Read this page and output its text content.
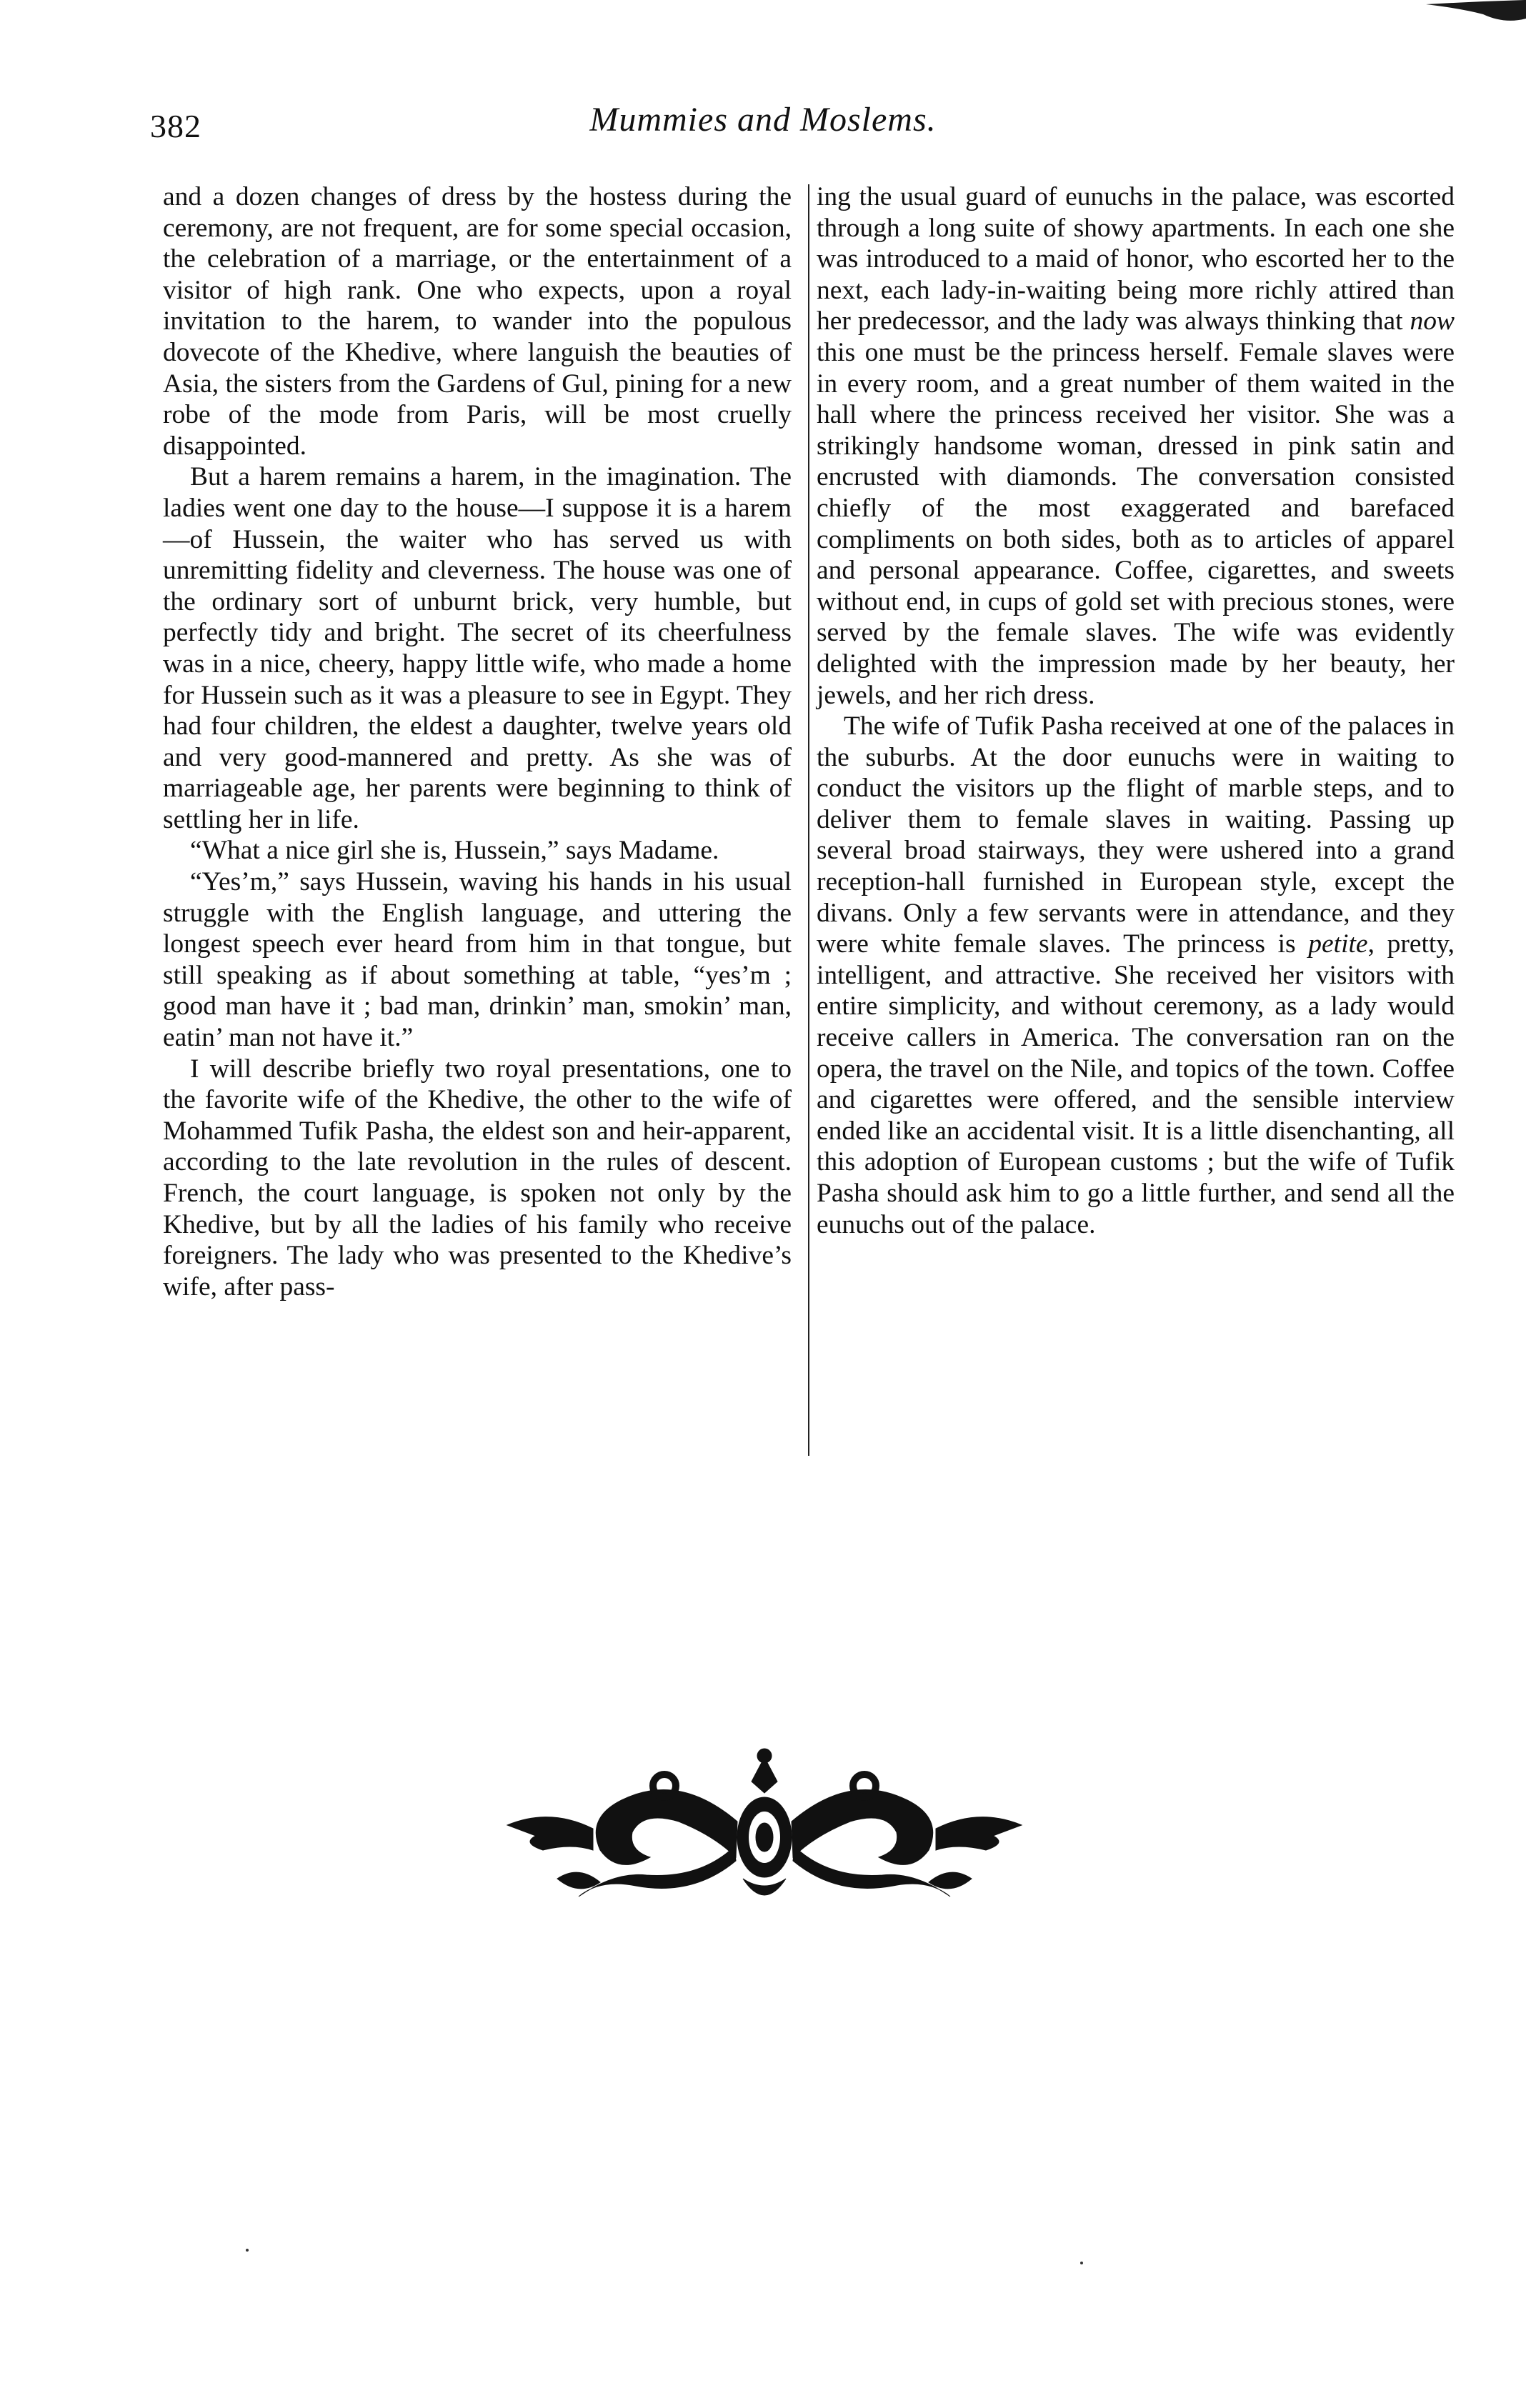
382	Mummies and Moslems.

and a dozen changes of dress by the hostess during the ceremony, are not frequent, are for some special occasion, the celebration of a marriage, or the entertainment of a visitor of high rank. One who expects, upon a royal invitation to the harem, to wander into the populous dovecote of the Khedive, where languish the beauties of Asia, the sisters from the Gardens of Gul, pining for a new robe of the mode from Paris, will be most cruelly disappointed.

But a harem remains a harem, in the imagination. The ladies went one day to the house—I suppose it is a harem—of Hussein, the waiter who has served us with unremitting fidelity and cleverness. The house was one of the ordinary sort of unburnt brick, very humble, but perfectly tidy and bright. The secret of its cheerfulness was in a nice, cheery, happy little wife, who made a home for Hussein such as it was a pleasure to see in Egypt. They had four children, the eldest a daughter, twelve years old and very good-mannered and pretty. As she was of marriageable age, her parents were beginning to think of settling her in life.

“What a nice girl she is, Hussein,” says Madame.

“Yes’m,” says Hussein, waving his hands in his usual struggle with the English language, and uttering the longest speech ever heard from him in that tongue, but still speaking as if about something at table, “yes’m ; good man have it ; bad man, drinkin’ man, smokin’ man, eatin’ man not have it.”

I will describe briefly two royal presentations, one to the favorite wife of the Khedive, the other to the wife of Mohammed Tufik Pasha, the eldest son and heir-apparent, according to the late revolution in the rules of descent. French, the court language, is spoken not only by the Khedive, but by all the ladies of his family who receive foreigners. The lady who was presented to the Khedive’s wife, after pass-

ing the usual guard of eunuchs in the palace, was escorted through a long suite of showy apartments. In each one she was introduced to a maid of honor, who escorted her to the next, each lady-in-waiting being more richly attired than her predecessor, and the lady was always thinking that now this one must be the princess herself. Female slaves were in every room, and a great number of them waited in the hall where the princess received her visitor. She was a strikingly handsome woman, dressed in pink satin and encrusted with diamonds. The conversation consisted chiefly of the most exaggerated and barefaced compliments on both sides, both as to articles of apparel and personal appearance. Coffee, cigarettes, and sweets without end, in cups of gold set with precious stones, were served by the female slaves. The wife was evidently delighted with the impression made by her beauty, her jewels, and her rich dress.

The wife of Tufik Pasha received at one of the palaces in the suburbs. At the door eunuchs were in waiting to conduct the visitors up the flight of marble steps, and to deliver them to female slaves in waiting. Passing up several broad stairways, they were ushered into a grand reception-hall furnished in European style, except the divans. Only a few servants were in attendance, and they were white female slaves. The princess is petite, pretty, intelligent, and attractive. She received her visitors with entire simplicity, and without ceremony, as a lady would receive callers in America. The conversation ran on the opera, the travel on the Nile, and topics of the town. Coffee and cigarettes were offered, and the sensible interview ended like an accidental visit. It is a little disenchanting, all this adoption of European customs ; but the wife of Tufik Pasha should ask him to go a little further, and send all the eunuchs out of the palace.
